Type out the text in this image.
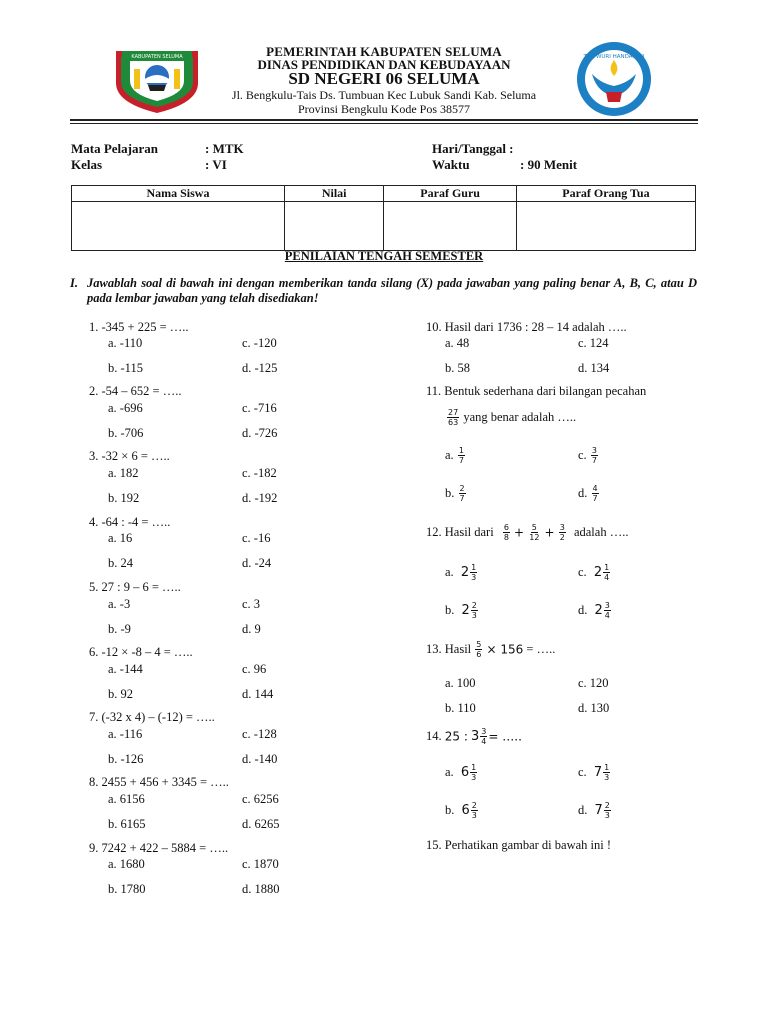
KABUPATEN SELUMA	TUT WURI HANDAYANI
PEMERINTAH KABUPATEN SELUMA
DINAS PENDIDIKAN DAN KEBUDAYAAN
SD NEGERI 06 SELUMA
Jl. Bengkulu-Tais Ds. Tumbuan Kec Lubuk Sandi Kab. Seluma
Provinsi Bengkulu Kode Pos 38577
Mata Pelajaran	: MTK
Kelas	: VI
Hari/Tanggal :
Waktu	: 90 Menit
Nama Siswa	Nilai	Paraf Guru	Paraf Orang Tua

PENILAIAN TENGAH SEMESTER
I. Jawablah soal di bawah ini dengan memberikan tanda silang (X) pada jawaban yang paling benar A, B, C, atau D pada lembar jawaban yang telah disediakan!
1. -345 + 225 = …..
a. -110	c. -120
b. -115	d. -125
2. -54 – 652 = …..
a. -696	c. -716
b. -706	d. -726
3. -32 × 6 = …..
a. 182	c. -182
b. 192	d. -192
4. -64 : -4 = …..
a. 16	c. -16
b. 24	d. -24
5. 27 : 9 – 6 = …..
a. -3	c. 3
b. -9	d. 9
6. -12 × -8 – 4 = …..
a. -144	c. 96
b. 92	d. 144
7. (-32 x 4) – (-12) = …..
a. -116	c. -128
b. -126	d. -140
8. 2455 + 456 + 3345 = …..
a. 6156	c. 6256
b. 6165	d. 6265
9. 7242 + 422 – 5884 = …..
a. 1680	c. 1870
b. 1780	d. 1880
10. Hasil dari 1736 : 28 – 14 adalah …..
a. 48	c. 124
b. 58	d. 134
11. Bentuk sederhana dari bilangan pecahan
$\frac{27}{63}$ yang benar adalah …..
a. $\frac{1}{7}$	c. $\frac{3}{7}$
b. $\frac{2}{7}$	d. $\frac{4}{7}$
12. Hasil dari $\frac{6}{8} + \frac{5}{12} + \frac{3}{2}$ adalah …..
a. $2 \frac{1}{3}$	c. $2 \frac{1}{4}$
b. $2 \frac{2}{3}$	d. $2 \frac{3}{4}$
13. Hasil $\frac{5}{6} \times 156$ = …..
a. 100	c. 120
b. 110	d. 130
14. 25 : $3 \frac{3}{4}$ = …..
a. $6 \frac{1}{3}$	c. $7 \frac{1}{3}$
b. $6 \frac{2}{3}$	d. $7 \frac{2}{3}$
15. Perhatikan gambar di bawah ini !
